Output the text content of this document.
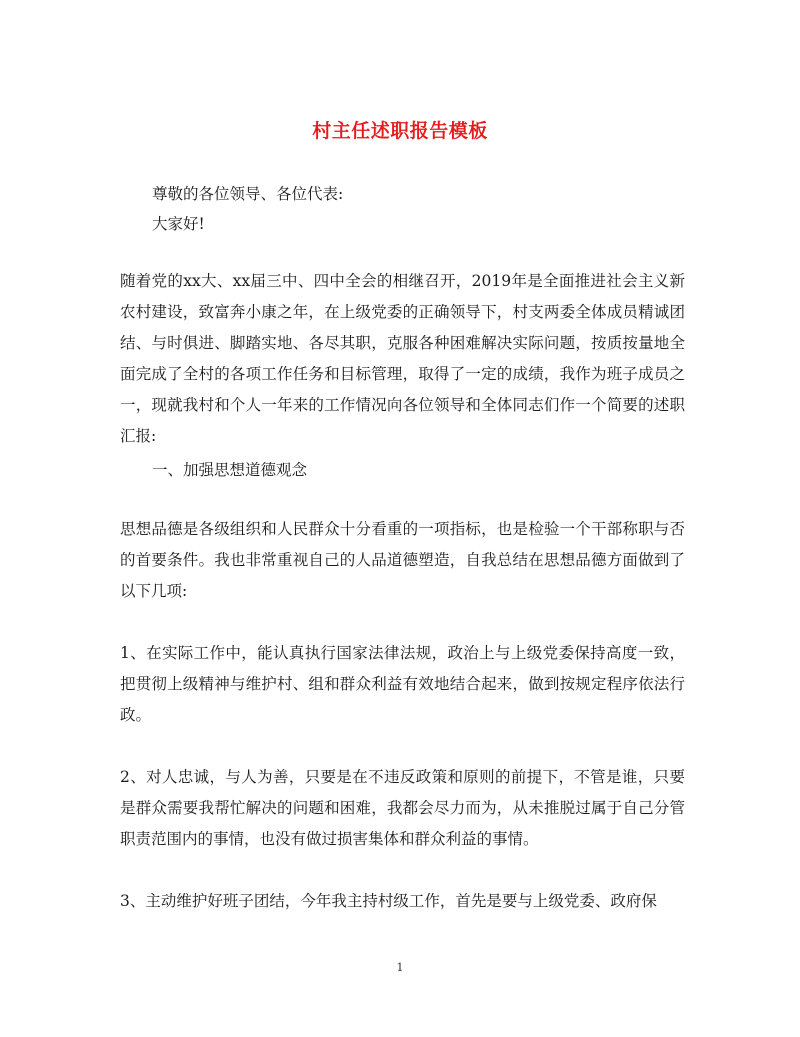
村主任述职报告模板

尊敬的各位领导、各位代表:

大家好!

随着党的xx大、xx届三中、四中全会的相继召开，2019年是全面推进社会主义新农村建设，致富奔小康之年，在上级党委的正确领导下，村支两委全体成员精诚团结、与时俱进、脚踏实地、各尽其职，克服各种困难解决实际问题，按质按量地全面完成了全村的各项工作任务和目标管理，取得了一定的成绩，我作为班子成员之一，现就我村和个人一年来的工作情况向各位领导和全体同志们作一个简要的述职汇报:

一、加强思想道德观念

思想品德是各级组织和人民群众十分看重的一项指标，也是检验一个干部称职与否的首要条件。我也非常重视自己的人品道德塑造，自我总结在思想品德方面做到了以下几项:

1、在实际工作中，能认真执行国家法律法规，政治上与上级党委保持高度一致，把贯彻上级精神与维护村、组和群众利益有效地结合起来，做到按规定程序依法行政。

2、对人忠诚，与人为善，只要是在不违反政策和原则的前提下，不管是谁，只要是群众需要我帮忙解决的问题和困难，我都会尽力而为，从未推脱过属于自己分管职责范围内的事情，也没有做过损害集体和群众利益的事情。

3、主动维护好班子团结，今年我主持村级工作，首先是要与上级党委、政府保

1
